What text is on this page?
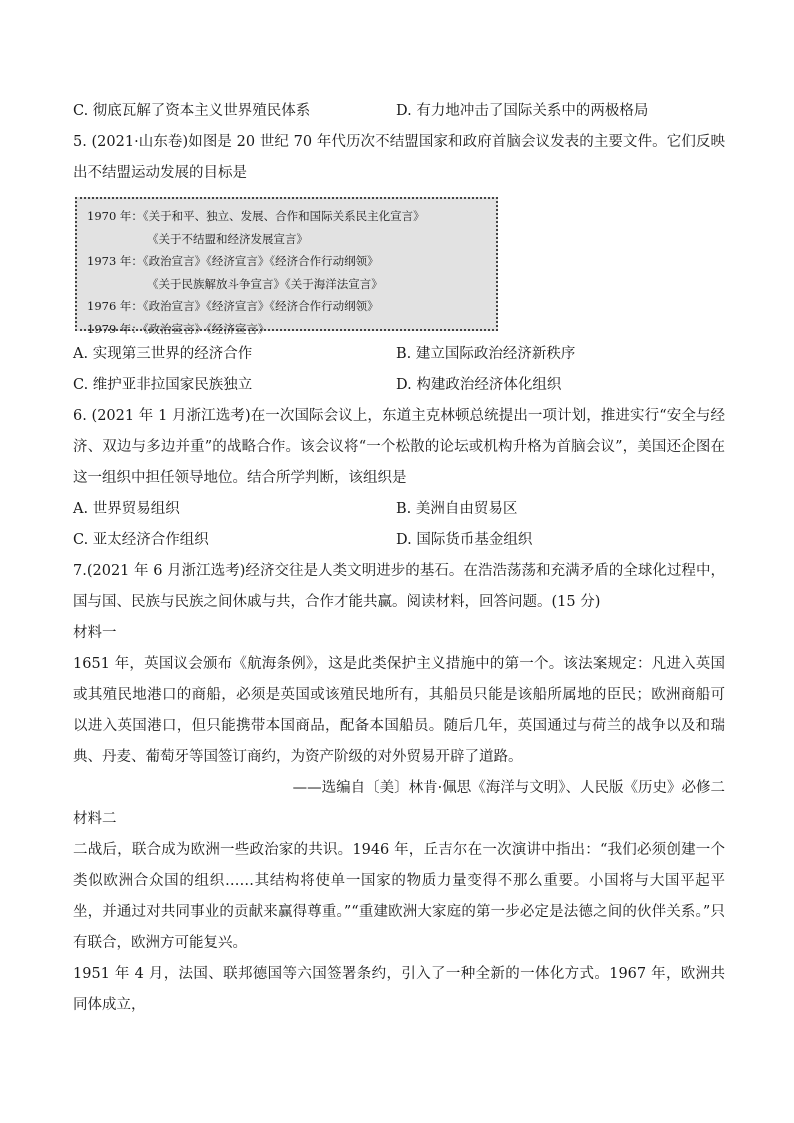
C. 彻底瓦解了资本主义世界殖民体系	D. 有力地冲击了国际关系中的两极格局

5. (2021·山东卷)如图是 20 世纪 70 年代历次不结盟国家和政府首脑会议发表的主要文件。它们反映出不结盟运动发展的目标是

1970 年：《关于和平、独立、发展、合作和国际关系民主化宣言》
《关于不结盟和经济发展宣言》
1973 年：《政治宣言》《经济宣言》《经济合作行动纲领》
《关于民族解放斗争宣言》《关于海洋法宣言》
1976 年：《政治宣言》《经济宣言》《经济合作行动纲领》
1979 年：《政治宣言》《经济宣言》
A. 实现第三世界的经济合作	B. 建立国际政治经济新秩序
C. 维护亚非拉国家民族独立	D. 构建政治经济体化组织

6. (2021 年 1 月浙江选考)在一次国际会议上，东道主克林顿总统提出一项计划，推进实行“安全与经济、双边与多边并重”的战略合作。该会议将“一个松散的论坛或机构升格为首脑会议”，美国还企图在这一组织中担任领导地位。结合所学判断，该组织是

A. 世界贸易组织	B. 美洲自由贸易区
C. 亚太经济合作组织	D. 国际货币基金组织

7.(2021 年 6 月浙江选考)经济交往是人类文明进步的基石。在浩浩荡荡和充满矛盾的全球化过程中，国与国、民族与民族之间休戚与共，合作才能共赢。阅读材料，回答问题。(15 分)

材料一

1651 年，英国议会颁布《航海条例》，这是此类保护主义措施中的第一个。该法案规定：凡进入英国或其殖民地港口的商船，必须是英国或该殖民地所有，其船员只能是该船所属地的臣民；欧洲商船可以进入英国港口，但只能携带本国商品，配备本国船员。随后几年，英国通过与荷兰的战争以及和瑞典、丹麦、葡萄牙等国签订商约，为资产阶级的对外贸易开辟了道路。

——选编自〔美〕林肯·佩思《海洋与文明》、人民版《历史》必修二

材料二

二战后，联合成为欧洲一些政治家的共识。1946 年，丘吉尔在一次演讲中指出：“我们必须创建一个类似欧洲合众国的组织……其结构将使单一国家的物质力量变得不那么重要。小国将与大国平起平坐，并通过对共同事业的贡献来赢得尊重。”“重建欧洲大家庭的第一步必定是法德之间的伙伴关系。”只有联合，欧洲方可能复兴。

1951 年 4 月，法国、联邦德国等六国签署条约，引入了一种全新的一体化方式。1967 年，欧洲共同体成立，
